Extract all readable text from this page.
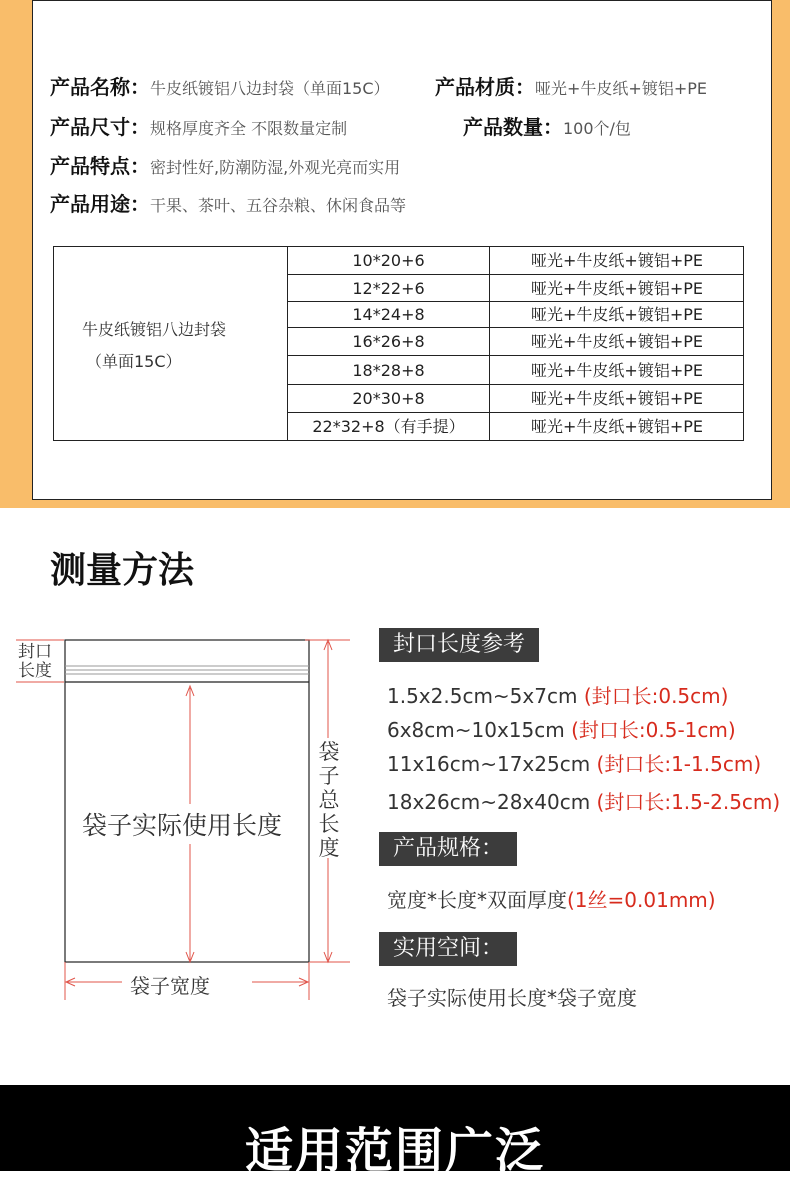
产品名称：牛皮纸镀铝八边封袋（单面15C） 产品材质：哑光+牛皮纸+镀铝+PE
产品尺寸：规格厚度齐全 不限数量定制	产品数量：100个/包
产品特点：密封性好,防潮防湿,外观光亮而实用
产品用途：干果、茶叶、五谷杂粮、休闲食品等
牛皮纸镀铝八边封袋
（单面15C）
10*20+6	哑光+牛皮纸+镀铝+PE
12*22+6	哑光+牛皮纸+镀铝+PE
14*24+8	哑光+牛皮纸+镀铝+PE
16*26+8	哑光+牛皮纸+镀铝+PE
18*28+8	哑光+牛皮纸+镀铝+PE
20*30+8	哑光+牛皮纸+镀铝+PE
22*32+8（有手提）	哑光+牛皮纸+镀铝+PE
测量方法
封口
长度
袋子实际使用长度
袋
子
总
长
度
袋子宽度
封口长度参考
1.5x2.5cm~5x7cm (封口长:0.5cm)
6x8cm~10x15cm (封口长:0.5-1cm)
11x16cm~17x25cm (封口长:1-1.5cm)
18x26cm~28x40cm (封口长:1.5-2.5cm)
产品规格：
宽度*长度*双面厚度(1丝=0.01mm)
实用空间：
袋子实际使用长度*袋子宽度
适用范围广泛
